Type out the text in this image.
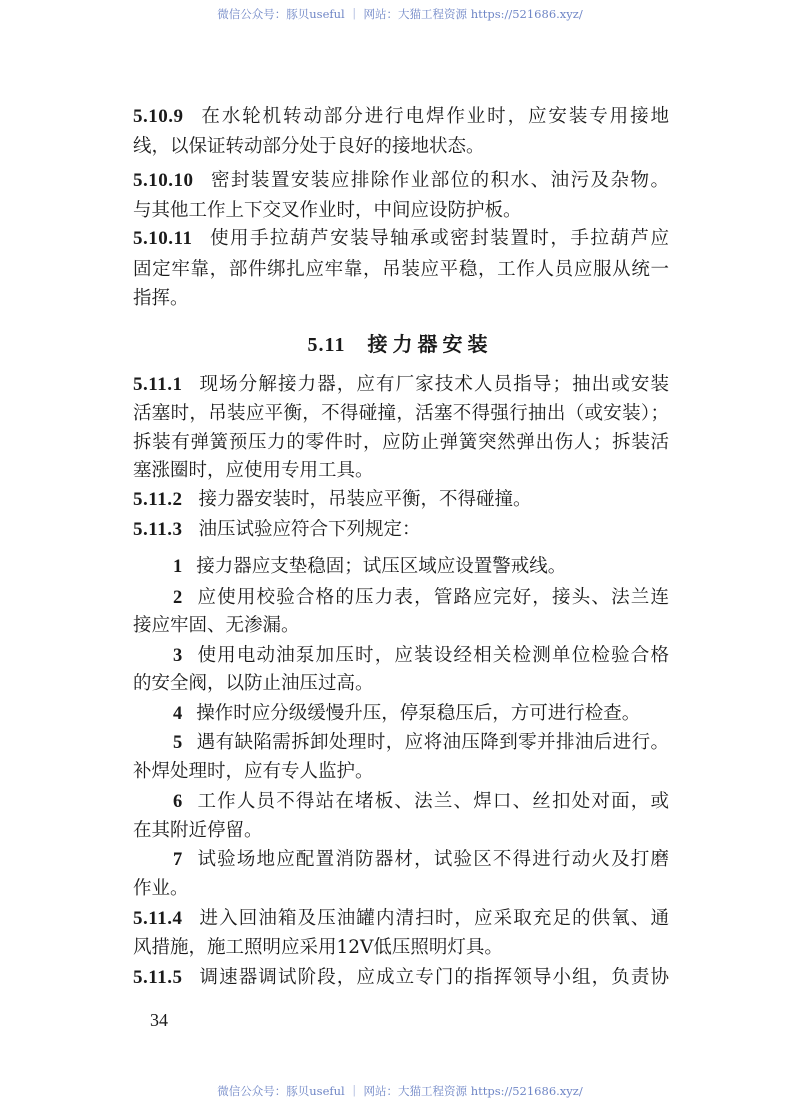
微信公众号：豚贝useful ｜ 网站：大猫工程资源 https://521686.xyz/
5.11 接力器安装
5.10.9 在水轮机转动部分进行电焊作业时，应安装专用接地
线，以保证转动部分处于良好的接地状态。
5.10.10 密封装置安装应排除作业部位的积水、油污及杂物。
与其他工作上下交叉作业时，中间应设防护板。
5.10.11 使用手拉葫芦安装导轴承或密封装置时，手拉葫芦应
固定牢靠，部件绑扎应牢靠，吊装应平稳，工作人员应服从统一
指挥。
5.11.1 现场分解接力器，应有厂家技术人员指导；抽出或安装
活塞时，吊装应平衡，不得碰撞，活塞不得强行抽出（或安装）；
拆装有弹簧预压力的零件时，应防止弹簧突然弹出伤人；拆装活
塞涨圈时，应使用专用工具。
5.11.2 接力器安装时，吊装应平衡，不得碰撞。
5.11.3 油压试验应符合下列规定：
1 接力器应支垫稳固；试压区域应设置警戒线。
2 应使用校验合格的压力表，管路应完好，接头、法兰连
接应牢固、无渗漏。
3 使用电动油泵加压时，应装设经相关检测单位检验合格
的安全阀，以防止油压过高。
4 操作时应分级缓慢升压，停泵稳压后，方可进行检查。
5 遇有缺陷需拆卸处理时，应将油压降到零并排油后进行。
补焊处理时，应有专人监护。
6 工作人员不得站在堵板、法兰、焊口、丝扣处对面，或
在其附近停留。
7 试验场地应配置消防器材，试验区不得进行动火及打磨
作业。
5.11.4 进入回油箱及压油罐内清扫时，应采取充足的供氧、通
风措施，施工照明应采用12V低压照明灯具。
5.11.5 调速器调试阶段，应成立专门的指挥领导小组，负责协
34
微信公众号：豚贝useful ｜ 网站：大猫工程资源 https://521686.xyz/
